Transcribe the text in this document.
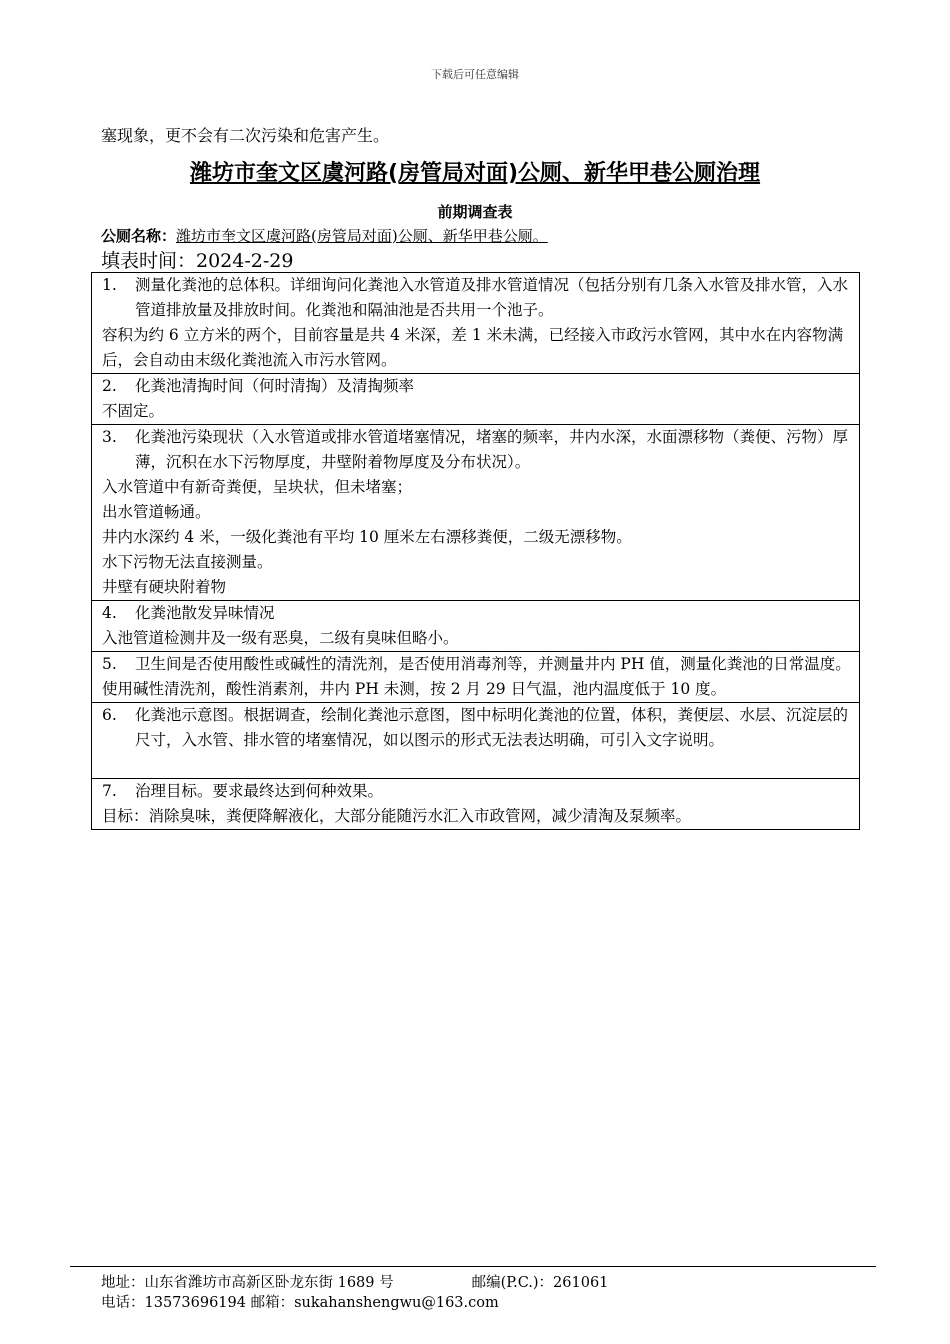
下载后可任意编辑
塞现象，更不会有二次污染和危害产生。
潍坊市奎文区虞河路(房管局对面)公厕、新华甲巷公厕治理
前期调查表
公厕名称：潍坊市奎文区虞河路(房管局对面)公厕、新华甲巷公厕。
填表时间：2024-2-29
1. 测量化粪池的总体积。详细询问化粪池入水管道及排水管道情况（包括分别有几条入水管及排水管，入水管道排放量及排放时间。化粪池和隔油池是否共用一个池子。
容积为约 6 立方米的两个，目前容量是共 4 米深，差 1 米未满，已经接入市政污水管网，其中水在内容物满后，会自动由末级化粪池流入市污水管网。

2. 化粪池清掏时间（何时清掏）及清掏频率
不固定。

3. 化粪池污染现状（入水管道或排水管道堵塞情况，堵塞的频率，井内水深，水面漂移物（粪便、污物）厚薄，沉积在水下污物厚度，井壁附着物厚度及分布状况）。
入水管道中有新奇粪便，呈块状，但未堵塞；
出水管道畅通。
井内水深约 4 米，一级化粪池有平均 10 厘米左右漂移粪便，二级无漂移物。
水下污物无法直接测量。
井壁有硬块附着物

4. 化粪池散发异味情况
入池管道检测井及一级有恶臭，二级有臭味但略小。

5. 卫生间是否使用酸性或碱性的清洗剂，是否使用消毒剂等，并测量井内 PH 值，测量化粪池的日常温度。
使用碱性清洗剂，酸性消素剂，井内 PH 未测，按 2 月 29 日气温，池内温度低于 10 度。

6. 化粪池示意图。根据调查，绘制化粪池示意图，图中标明化粪池的位置，体积，粪便层、水层、沉淀层的尺寸，入水管、排水管的堵塞情况，如以图示的形式无法表达明确，可引入文字说明。

7. 治理目标。要求最终达到何种效果。
目标：消除臭味，粪便降解液化，大部分能随污水汇入市政管网，减少清淘及泵频率。
地址：山东省潍坊市高新区卧龙东街 1689 号	邮编(P.C.)：261061
电话：13573696194 邮箱：sukahanshengwu@163.com
